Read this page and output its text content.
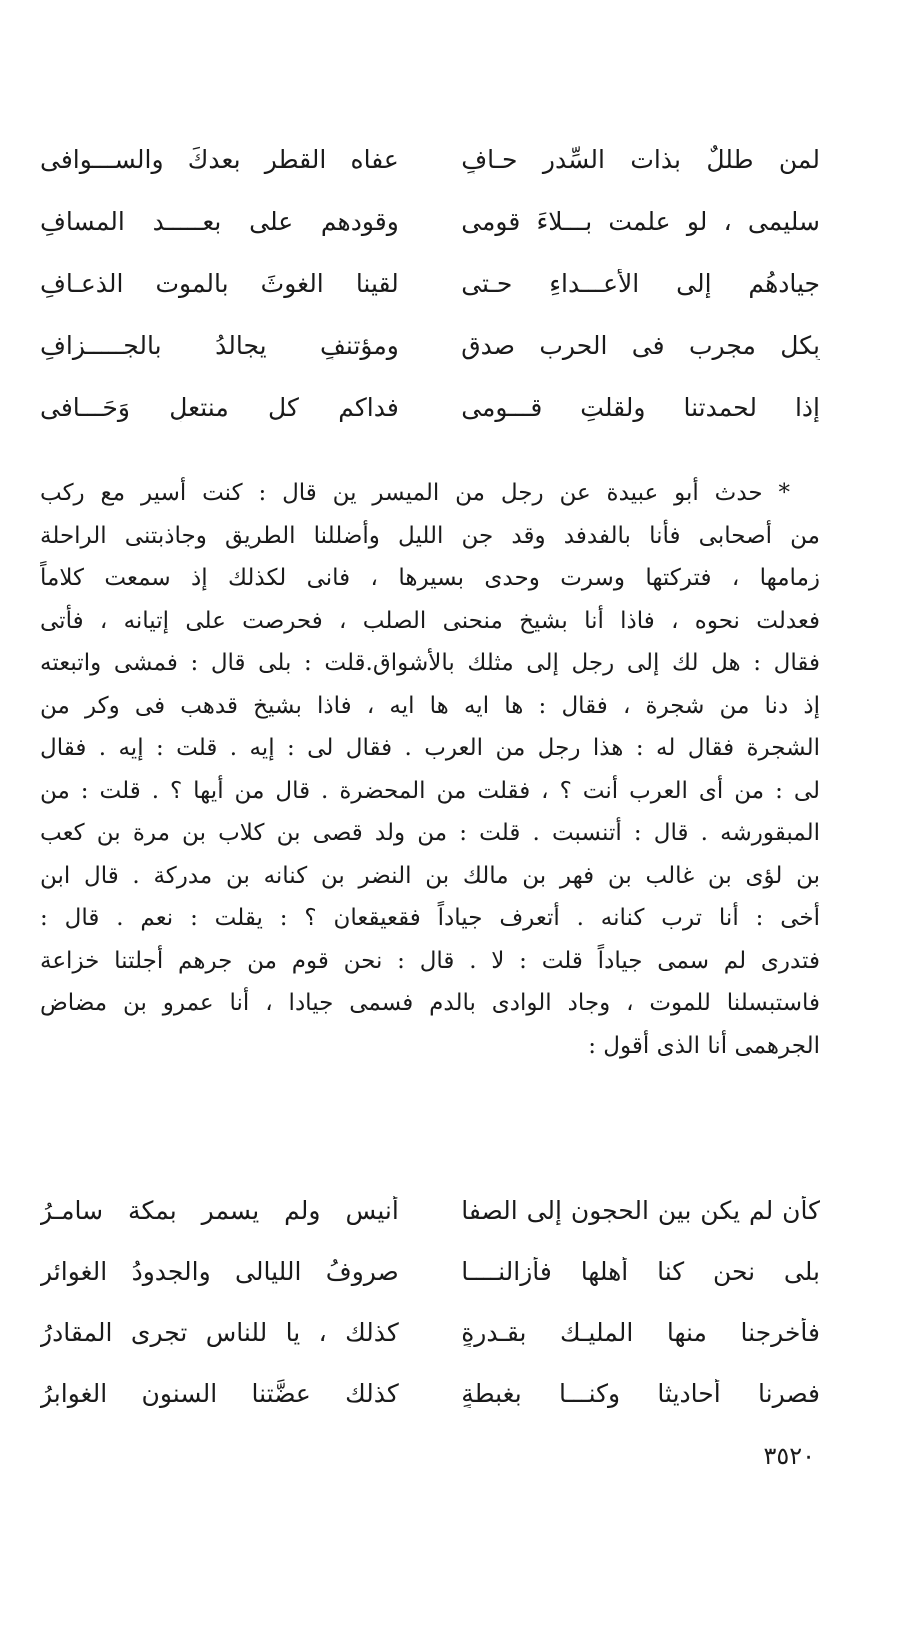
لمن طللٌ بذات السِّدرِ حـافٍ
عفاه القطر بعدكَ والســـوافى
سليمى ، لو علمت بـــلاءَ قومى
وقودهم على بعـــــد المسافِ
جيادهُم إلى الأَعـــداءِ حـتى
لقينا الغوثَ بالموت الذعـافِ
بِكل مجرب فى الحرب صدقٍ
ومؤتنفٍ يجالدُ بالجـــــزافِ
إذا لحمدتنا ولقلتِ قـــومى
فداكم كل منتعلٍ وَحَـــافى
* حدث أبو عبيدة عن رجل من الميسر ين قال : كنت أسير مع ركب
من أصحابى فأنا بالفدفد وقد جن الليل وأضللنا الطريق وجاذبتنى الراحلة
زمامها ، فتركتها وسرت وحدى بسيرها ، فانى لكذلك إذ سمعت كلاماً
فعدلت نحوه ، فاذا أنا بشيخ منحنى الصلب ، فحرصت على إتيانه ، فأتى
فقال : هل لك إلى رجل إلى مثلك بالأشواق.قلت : بلى قال : فمشى واتبعته
إذ دنا من شجرة ، فقال : ها ايه ها ايه ، فاذا بشيخ قدهب فى وكر من
الشجرة فقال له : هذا رجل من العرب . فقال لى : إيه . قلت : إيه . فقال
لى : من أى العرب أنت ؟ ، فقلت من المحضرة . قال من أيها ؟ . قلت : من
المبقورشه . قال : أتنسبت . قلت : من ولد قصى بن كلاب بن مرة بن كعب
بن لؤى بن غالب بن فهر بن مالك بن النضر بن كنانه بن مدركة . قال ابن
أخى : أنا ترب كنانه . أتعرف جياداً فقعيقعان ؟ : يقلت : نعم . قال :
فتدرى لم سمى جياداً قلت : لا . قال : نحن قوم من جرهم أجلتنا خزاعة
فاستبسلنا للموت ، وجاد الوادى بالدم فسمى جيادا ، أنا عمرو بن مضاض
الجرهمى أنا الذى أقول :
كأن لم يكن بين الحجون إلى الصفا
أنيس ولم يسمر بمكة سامـرُ
بلى نحن كنا أهلها فأزالنــــا
صروفُ الليالى والجدودُ الغوائر
فأخرجنا منها المليـك بقـدرةٍ
كذلك ، يا للناسِ تجرى المقادرُ
فصرنا أحاديثا وكنـــا بغبطةٍ
كذلك عضَّتنا السنون الغوابرُ
٣٥٢٠
